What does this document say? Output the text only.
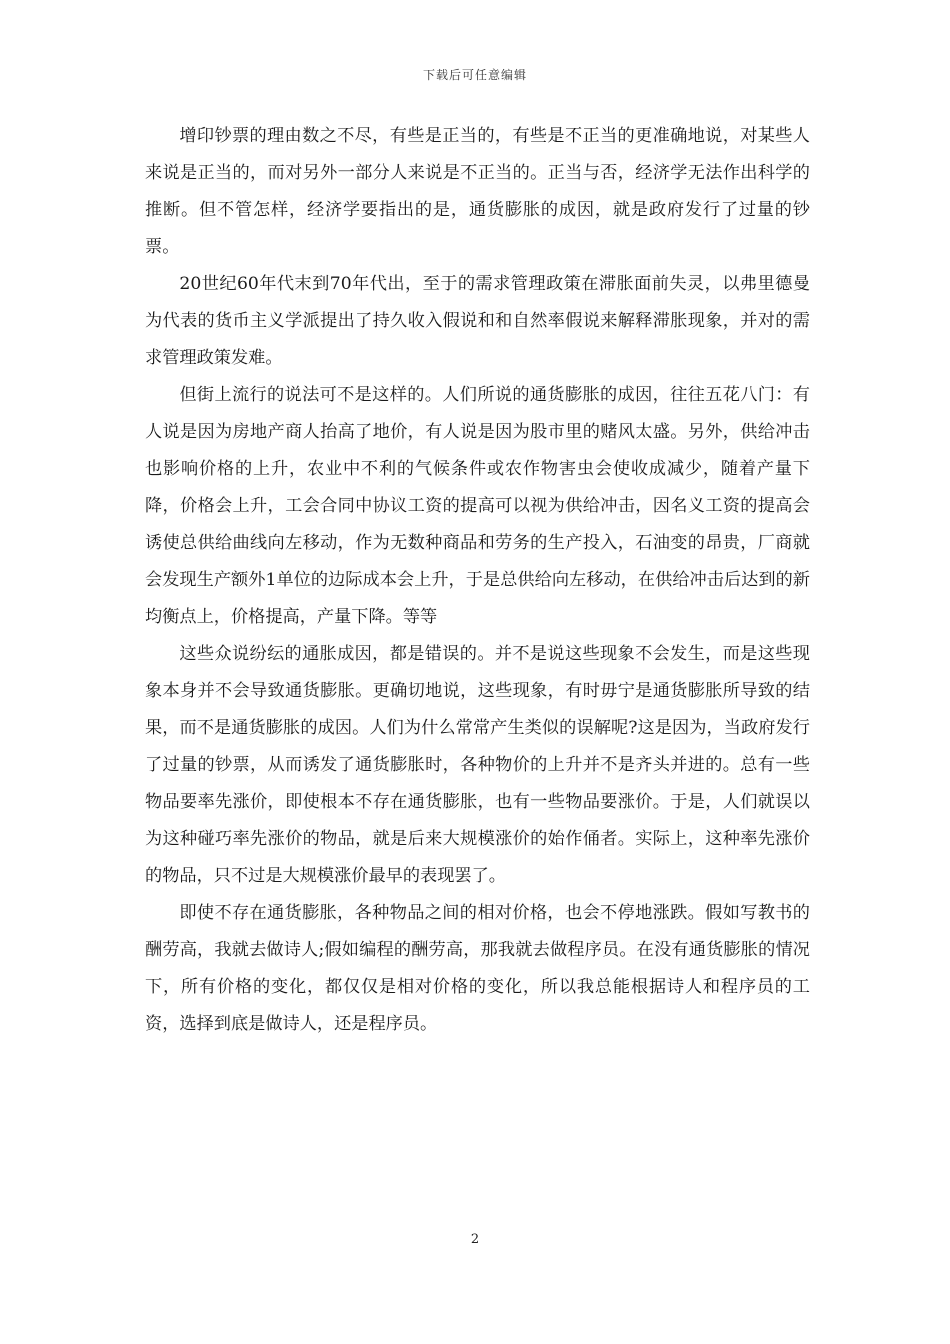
下载后可任意编辑

增印钞票的理由数之不尽，有些是正当的，有些是不正当的更准确地说，对某些人来说是正当的，而对另外一部分人来说是不正当的。正当与否，经济学无法作出科学的推断。但不管怎样，经济学要指出的是，通货膨胀的成因，就是政府发行了过量的钞票。

20世纪60年代末到70年代出，至于的需求管理政策在滞胀面前失灵，以弗里德曼为代表的货币主义学派提出了持久收入假说和和自然率假说来解释滞胀现象，并对的需求管理政策发难。

但街上流行的说法可不是这样的。人们所说的通货膨胀的成因，往往五花八门：有人说是因为房地产商人抬高了地价，有人说是因为股市里的赌风太盛。另外，供给冲击也影响价格的上升，农业中不利的气候条件或农作物害虫会使收成减少，随着产量下降，价格会上升，工会合同中协议工资的提高可以视为供给冲击，因名义工资的提高会诱使总供给曲线向左移动，作为无数种商品和劳务的生产投入，石油变的昂贵，厂商就会发现生产额外1单位的边际成本会上升，于是总供给向左移动，在供给冲击后达到的新均衡点上，价格提高，产量下降。等等

这些众说纷纭的通胀成因，都是错误的。并不是说这些现象不会发生，而是这些现象本身并不会导致通货膨胀。更确切地说，这些现象，有时毋宁是通货膨胀所导致的结果，而不是通货膨胀的成因。人们为什么常常产生类似的误解呢?这是因为，当政府发行了过量的钞票，从而诱发了通货膨胀时，各种物价的上升并不是齐头并进的。总有一些物品要率先涨价，即使根本不存在通货膨胀，也有一些物品要涨价。于是，人们就误以为这种碰巧率先涨价的物品，就是后来大规模涨价的始作俑者。实际上，这种率先涨价的物品，只不过是大规模涨价最早的表现罢了。

即使不存在通货膨胀，各种物品之间的相对价格，也会不停地涨跌。假如写教书的酬劳高，我就去做诗人;假如编程的酬劳高，那我就去做程序员。在没有通货膨胀的情况下，所有价格的变化，都仅仅是相对价格的变化，所以我总能根据诗人和程序员的工资，选择到底是做诗人，还是程序员。

2
